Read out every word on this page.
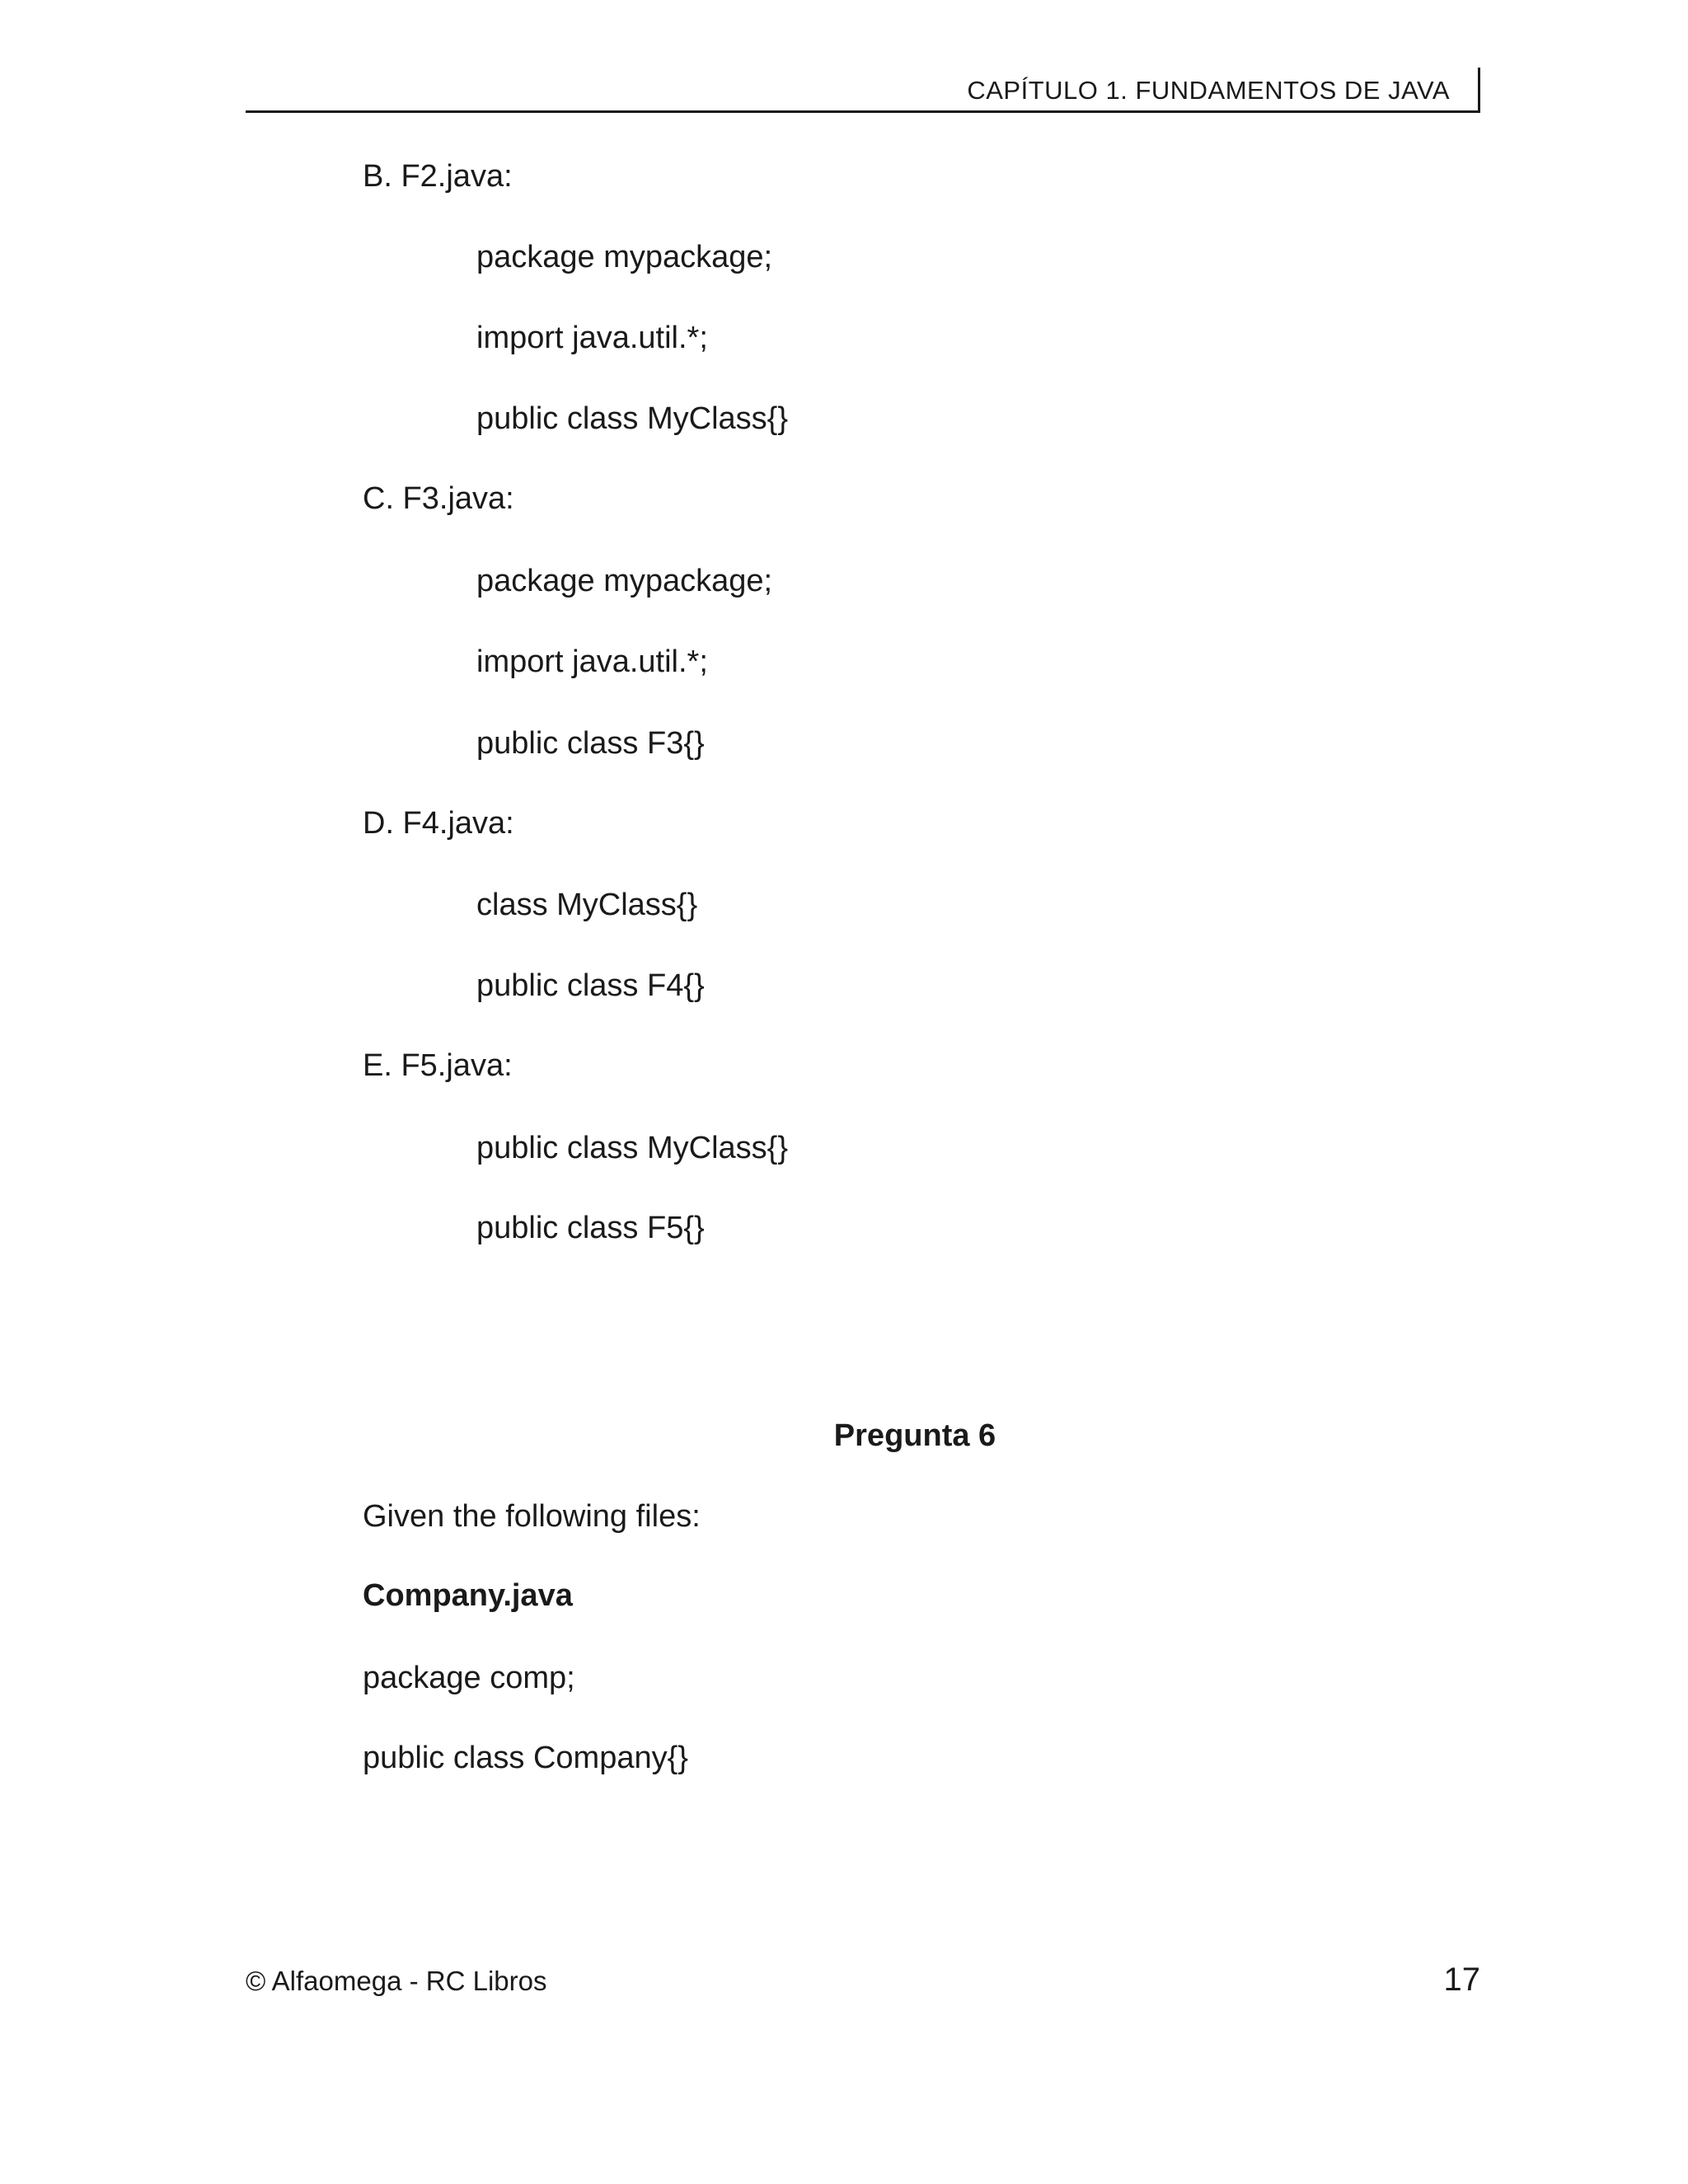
CAPÍTULO 1. FUNDAMENTOS DE JAVA
B. F2.java:
package mypackage;
import java.util.*;
public class MyClass{}
C. F3.java:
package mypackage;
import java.util.*;
public class F3{}
D. F4.java:
class MyClass{}
public class F4{}
E. F5.java:
public class MyClass{}
public class F5{}
Pregunta 6
Given the following files:
Company.java
package comp;
public class Company{}
© Alfaomega - RC Libros	17
